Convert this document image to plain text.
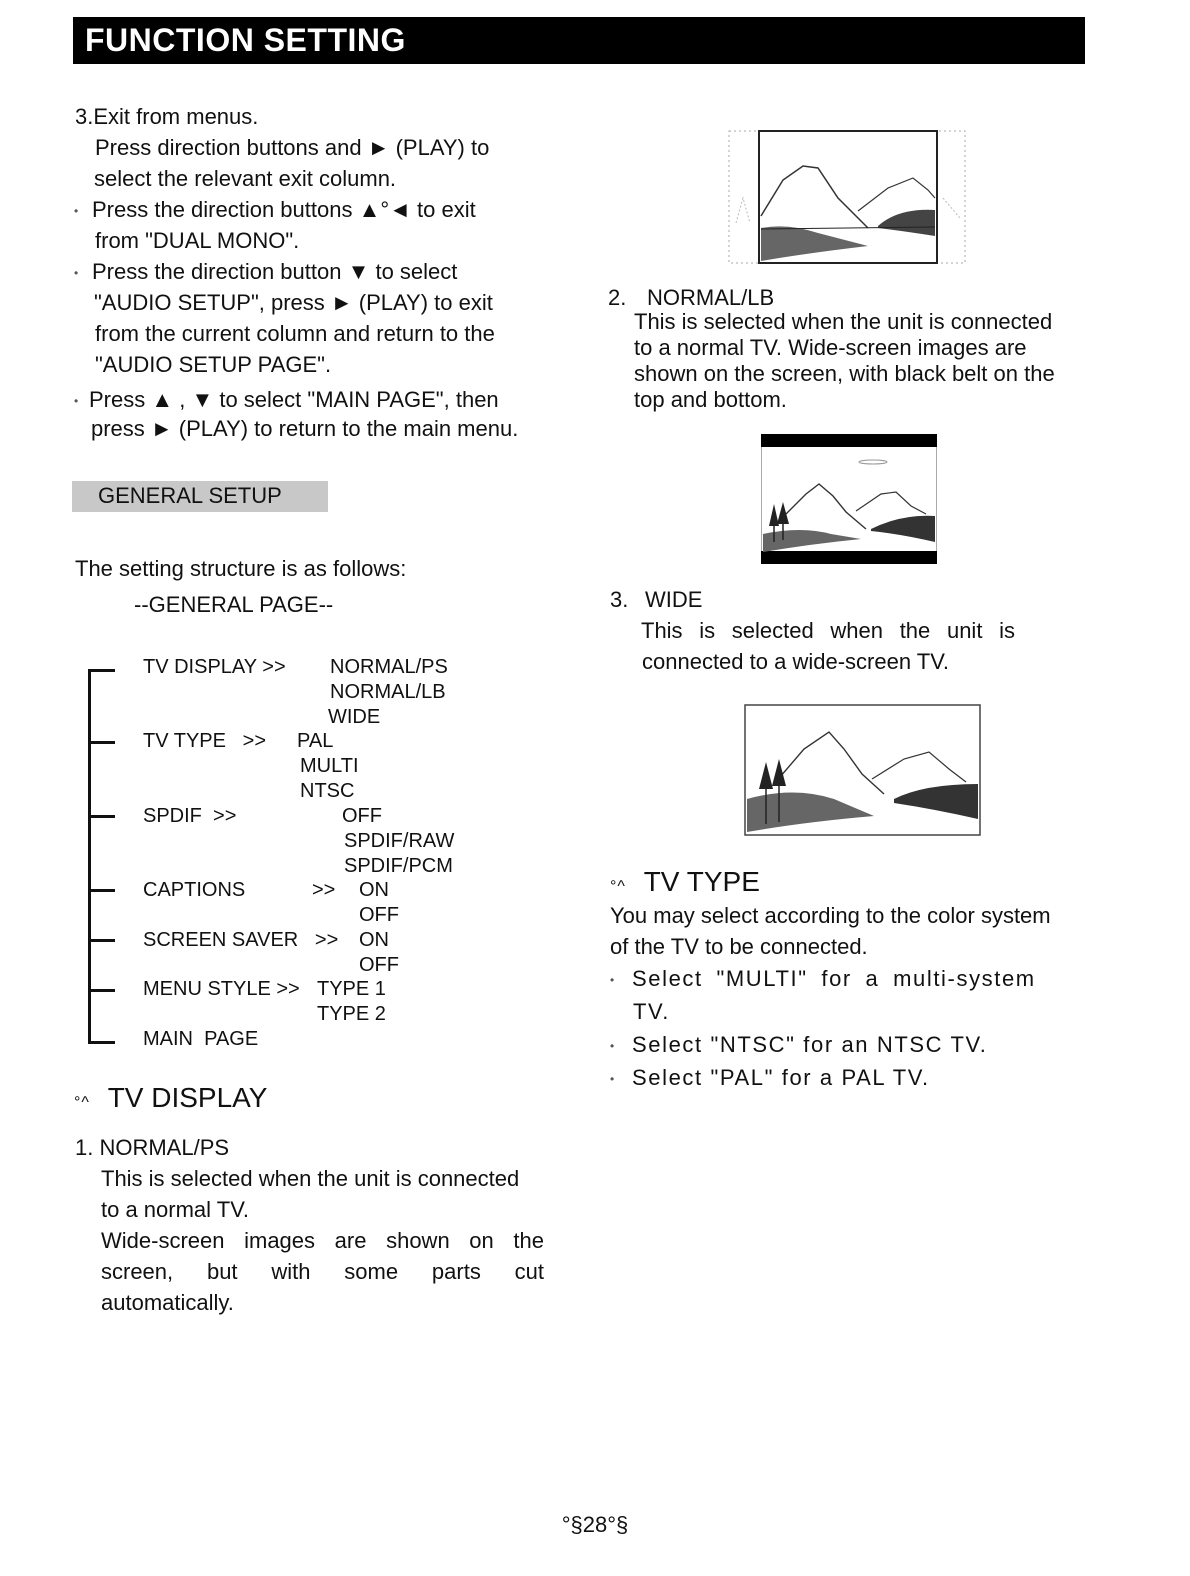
FUNCTION SETTING
3.Exit from menus.
Press direction buttons and ► (PLAY) to
select the relevant exit column.
• Press the direction buttons ▲°◄ to exit
from "DUAL MONO".
• Press the direction button ▼ to select
"AUDIO SETUP", press ► (PLAY) to exit
from the current column and return to the
"AUDIO SETUP PAGE".
• Press ▲ , ▼ to select "MAIN PAGE", then
press ► (PLAY) to return to the main menu.
GENERAL SETUP
The setting structure is as follows:
--GENERAL PAGE--
TV DISPLAY >> NORMAL/PS
NORMAL/LB
WIDE
TV TYPE   >> PAL
MULTI
NTSC
SPDIF  >>	OFF
SPDIF/RAW
SPDIF/PCM
CAPTIONS	>> ON
OFF
SCREEN SAVER   >> ON
OFF
MENU STYLE >> TYPE 1
TYPE 2
MAIN  PAGE
°^ TV DISPLAY
1. NORMAL/PS
This is selected when the unit is connected
to a normal TV.
Wide-screen images are shown on the
screen, but with some parts cut
automatically.
2. NORMAL/LB
This is selected when the unit is connected
to a normal TV. Wide-screen images are
shown on the screen, with black belt on the
top and bottom.
3. WIDE
This is selected when the unit is
connected to a wide-screen TV.
°^ TV TYPE
You may select according to the color system
of the TV to be connected.
• Select "MULTI" for a multi-system
TV.
• Select "NTSC" for an NTSC TV.
• Select "PAL" for a PAL TV.
°§28°§
